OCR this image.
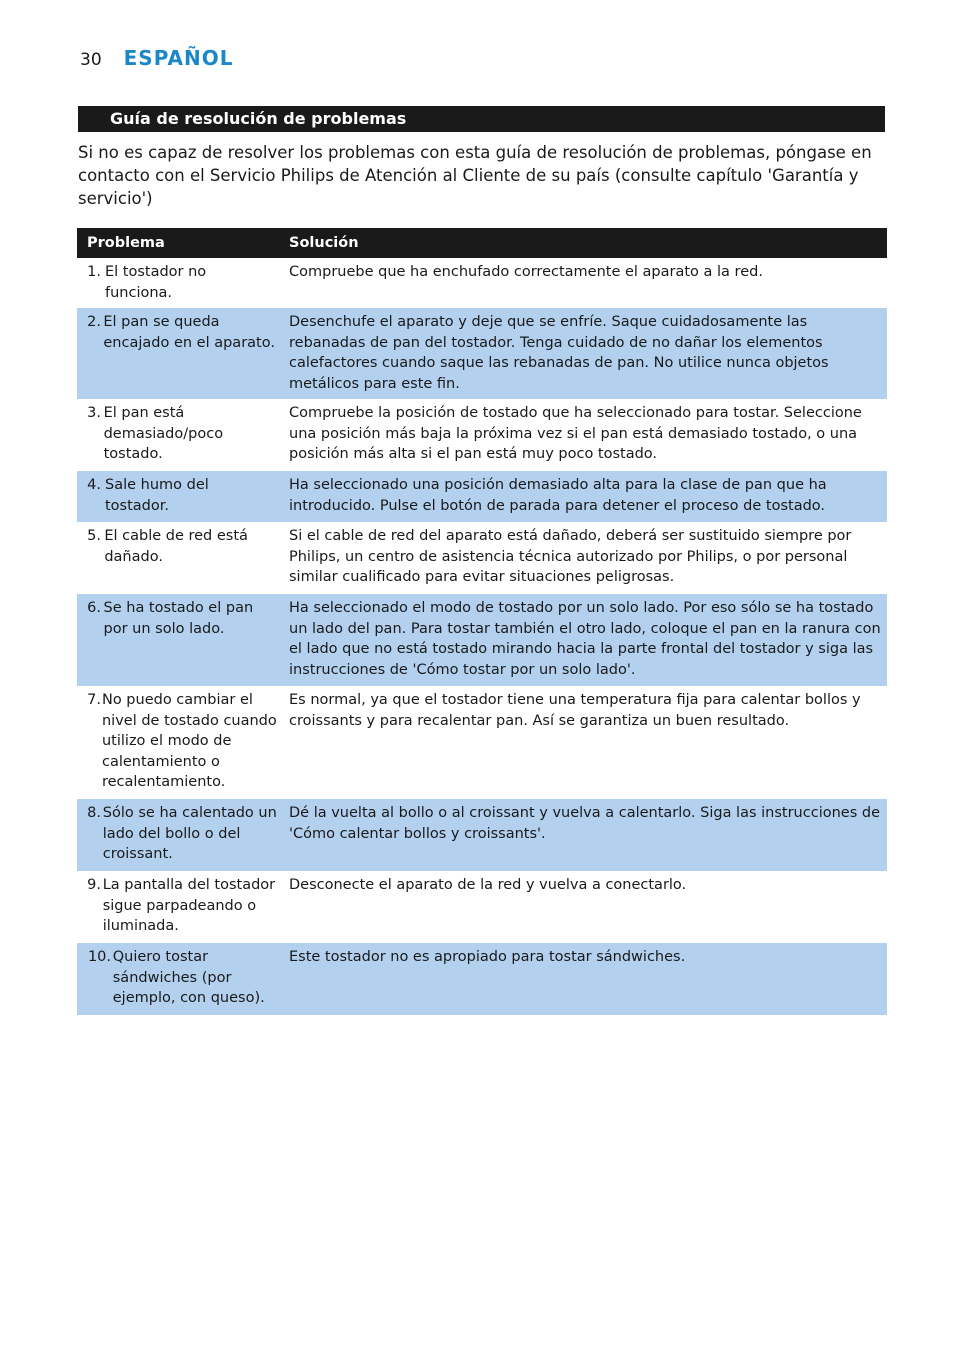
30 ESPAÑOL
Guía de resolución de problemas

Si no es capaz de resolver los problemas con esta guía de resolución de problemas, póngase en contacto con el Servicio Philips de Atención al Cliente de su país (consulte capítulo 'Garantía y servicio')

Problema	Solución

1. El tostador no funciona.	Compruebe que ha enchufado correctamente el aparato a la red.

2. El pan se queda encajado en el aparato.	Desenchufe el aparato y deje que se enfríe. Saque cuidadosamente las rebanadas de pan del tostador. Tenga cuidado de no dañar los elementos calefactores cuando saque las rebanadas de pan. No utilice nunca objetos metálicos para este fin.

3. El pan está demasiado/poco tostado.	Compruebe la posición de tostado que ha seleccionado para tostar. Seleccione una posición más baja la próxima vez si el pan está demasiado tostado, o una posición más alta si el pan está muy poco tostado.

4. Sale humo del tostador.	Ha seleccionado una posición demasiado alta para la clase de pan que ha introducido. Pulse el botón de parada para detener el proceso de tostado.

5. El cable de red está dañado.	Si el cable de red del aparato está dañado, deberá ser sustituido siempre por Philips, un centro de asistencia técnica autorizado por Philips, o por personal similar cualificado para evitar situaciones peligrosas.

6. Se ha tostado el pan por un solo lado.	Ha seleccionado el modo de tostado por un solo lado. Por eso sólo se ha tostado un lado del pan. Para tostar también el otro lado, coloque el pan en la ranura con el lado que no está tostado mirando hacia la parte frontal del tostador y siga las instrucciones de 'Cómo tostar por un solo lado'.

7. No puedo cambiar el nivel de tostado cuando utilizo el modo de calentamiento o recalentamiento.	Es normal, ya que el tostador tiene una temperatura fija para calentar bollos y croissants y para recalentar pan. Así se garantiza un buen resultado.

8. Sólo se ha calentado un lado del bollo o del croissant.	Dé la vuelta al bollo o al croissant y vuelva a calentarlo. Siga las instrucciones de 'Cómo calentar bollos y croissants'.

9. La pantalla del tostador sigue parpadeando o iluminada.	Desconecte el aparato de la red y vuelva a conectarlo.

10. Quiero tostar sándwiches (por ejemplo, con queso).	Este tostador no es apropiado para tostar sándwiches.
